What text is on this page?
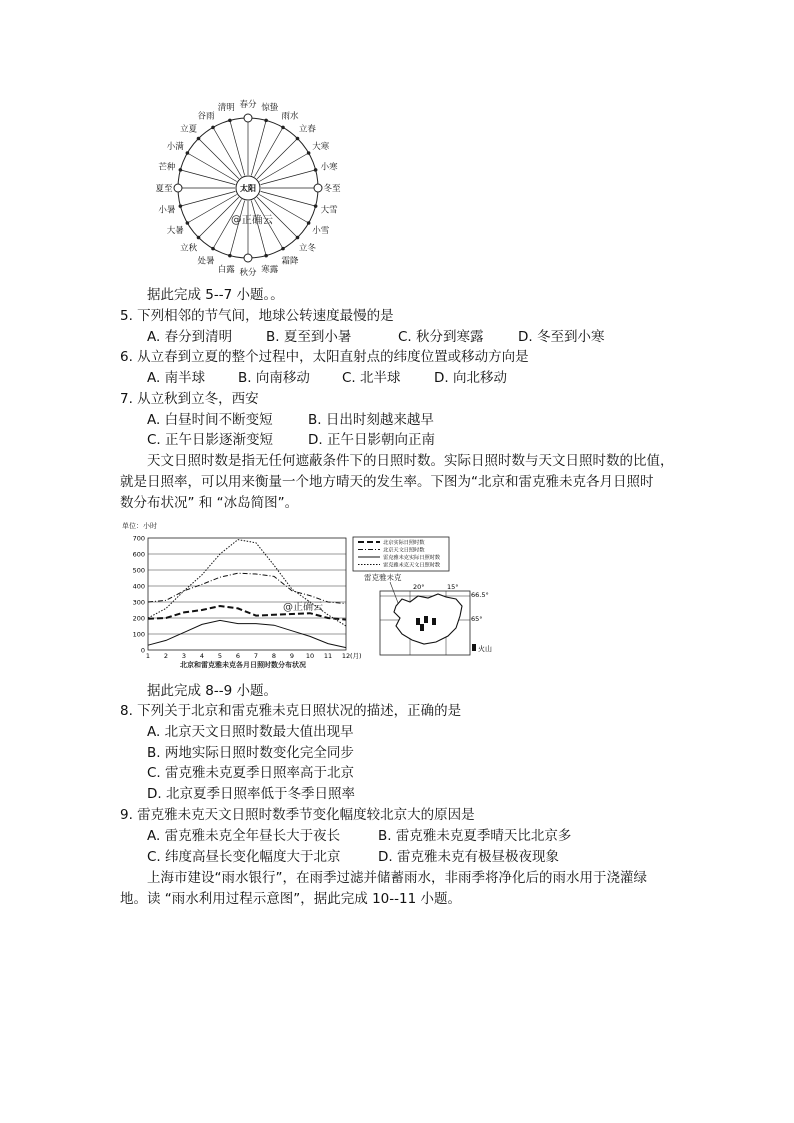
春分 惊蛰
雨水
立春
大寒
小寒
冬至
大雪
小雪
立冬
霜降
寒露
秋分
白露
处暑
立秋
大暑
小暑
夏至
芒种
小满
立夏
谷雨
清明
太阳
@正确云
据此完成 5--7 小题。。
5. 下列相邻的节气间，地球公转速度最慢的是
A. 春分到清明	B. 夏至到小暑	C. 秋分到寒露	D. 冬至到小寒
6. 从立春到立夏的整个过程中，太阳直射点的纬度位置或移动方向是
A. 南半球 B. 向南移动 C. 北半球 D. 向北移动
7. 从立秋到立冬，西安
A. 白昼时间不断变短	B. 日出时刻越来越早
C. 正午日影逐渐变短	D. 正午日影朝向正南
天文日照时数是指无任何遮蔽条件下的日照时数。实际日照时数与天文日照时数的比值，
就是日照率，可以用来衡量一个地方晴天的发生率。下图为“北京和雷克雅未克各月日照时
数分布状况” 和 “冰岛简图”。
单位：小时
0
100
200
300
400
500
600
700
1 2 3 4 5 6 7 8 9 10 11 12 (月)
@正确云
北京和雷克雅未克各月日照时数分布状况
北京实际日照时数
北京天文日照时数
雷克雅未克实际日照时数
雷克雅未克天文日照时数
雷克雅未克
20°	15°
66.5°
65°
火山
据此完成 8--9 小题。
8. 下列关于北京和雷克雅未克日照状况的描述，正确的是
A. 北京天文日照时数最大值出现早
B. 两地实际日照时数变化完全同步
C. 雷克雅未克夏季日照率高于北京
D. 北京夏季日照率低于冬季日照率
9. 雷克雅未克天文日照时数季节变化幅度较北京大的原因是
A. 雷克雅未克全年昼长大于夜长	B. 雷克雅未克夏季晴天比北京多
C. 纬度高昼长变化幅度大于北京	D. 雷克雅未克有极昼极夜现象
上海市建设“雨水银行”，在雨季过滤并储蓄雨水，非雨季将净化后的雨水用于浇灌绿
地。读 “雨水利用过程示意图”，据此完成 10--11 小题。
